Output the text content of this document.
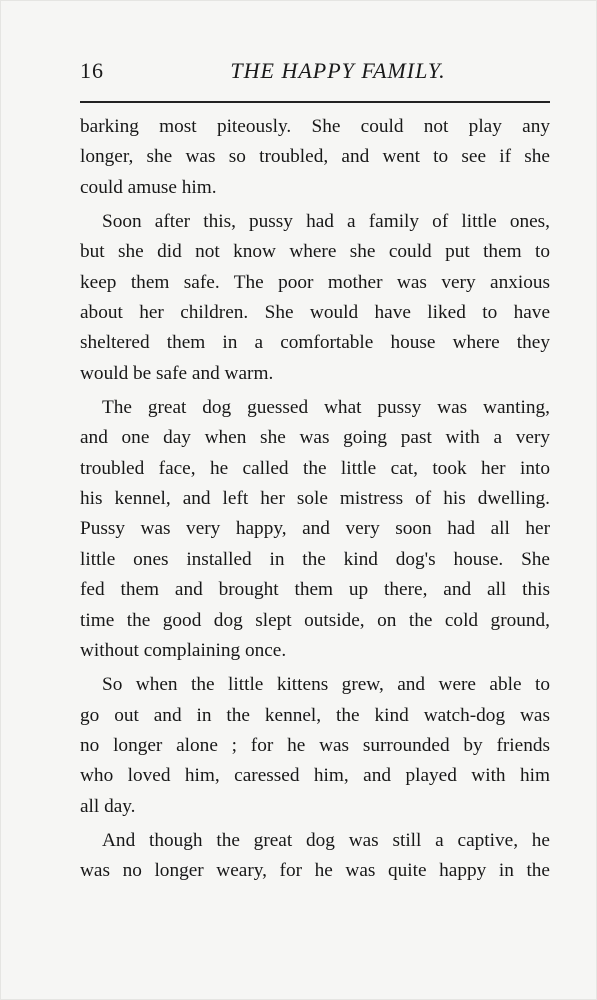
16	THE HAPPY FAMILY.

barking most piteously. She could not play any
longer, she was so troubled, and went to see if she
could amuse him.

Soon after this, pussy had a family of little ones,
but she did not know where she could put them to
keep them safe. The poor mother was very anxious
about her children. She would have liked to have
sheltered them in a comfortable house where they
would be safe and warm.

The great dog guessed what pussy was wanting,
and one day when she was going past with a very
troubled face, he called the little cat, took her into
his kennel, and left her sole mistress of his dwelling.
Pussy was very happy, and very soon had all her
little ones installed in the kind dog's house. She
fed them and brought them up there, and all this
time the good dog slept outside, on the cold ground,
without complaining once.

So when the little kittens grew, and were able to
go out and in the kennel, the kind watch-dog was
no longer alone ; for he was surrounded by friends
who loved him, caressed him, and played with him
all day.

And though the great dog was still a captive, he
was no longer weary, for he was quite happy in the
